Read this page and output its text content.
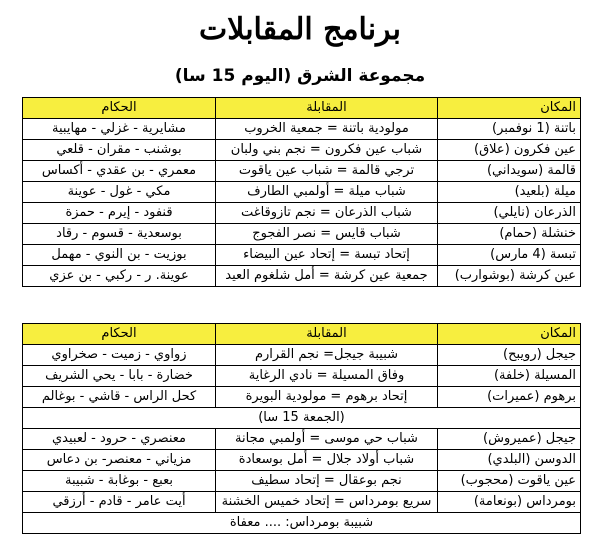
برنامج المقابلات
مجموعة الشرق (اليوم 15 سا)
المكان	المقابلة	الحكام
باتنة (1 نوفمبر)	مولودية باتنة = جمعية الخروب	مشايرية - غزلي - مهايبية
عين فكرون (علاق)	شباب عين فكرون = نجم بني ولبان	بوشنب - مقران - قلعي
قالمة (سويداني)	ترجي قالمة = شباب عين ياقوت	معمري - بن عقدي - أكساس
ميلة (بلعيد)	شباب ميلة = أولمبي الطارف	مكي - غول - عوينة
الذرعان (نايلي)	شباب الذرعان = نجم تازوقاغت	قنفود - إيرم - حمزة
خنشلة (حمام)	شباب قايس = نصر الفجوج	بوسعدية - قسوم - رقاد
تبسة (4 مارس)	إتحاد تبسة = إتحاد عين البيضاء	بوزيت - بن النوي - مهمل
عين كرشة (بوشوارب)	جمعية عين كرشة = أمل شلغوم العيد	عوينة. ر - ركبي - بن عزي
المكان	المقابلة	الحكام
جيجل (رويبح)	شبيبة جيجل= نجم القرارم	زواوي - زميت - صخراوي
المسيلة (خلفة)	وفاق المسيلة = نادي الرغاية	خضارة - بابا - يحي الشريف
برهوم (عميرات)	إتحاد برهوم = مولودية البويرة	كحل الراس - قاشي - بوغالم
(الجمعة 15 سا)		
جيجل (عميروش)	شباب حي موسى = أولمبي مجانة	معنصري - حرود - لعبيدي
الدوسن (البلدي)	شباب أولاد جلال = أمل بوسعادة	مزياني - معنصر- بن دعاس
عين ياقوت (محجوب)	نجم بوعقال = إتحاد سطيف	بعبع - بوغابة - شبيبة
بومرداس (بونعامة)	سريع بومرداس = إتحاد خميس الخشنة	أيت عامر - قادم - أرزقي
شبيبة بومرداس: .... معفاة		
